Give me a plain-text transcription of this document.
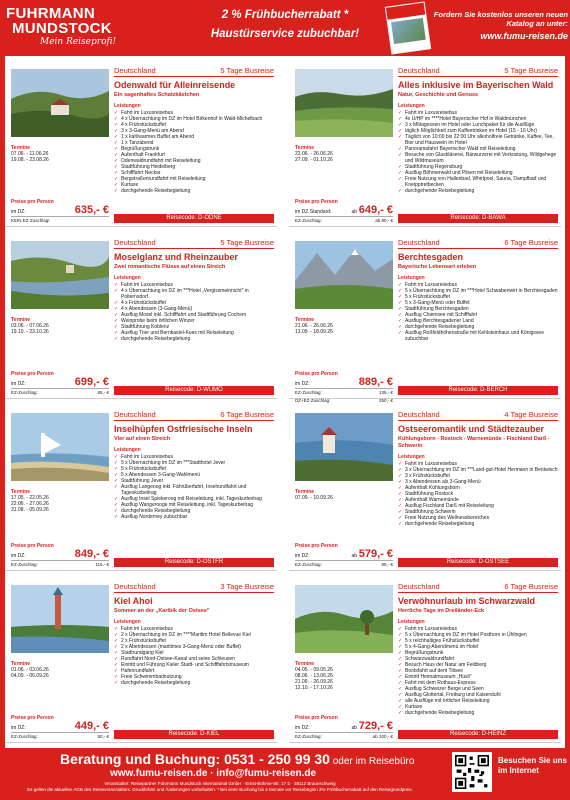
FUHRMANN
MUNDSTOCK
Mein Reiseprofi!
2 % Frühbucherrabatt *
Haustürservice zubuchbar!
Fordern Sie kostenlos unseren neuen Katalog an unter:
www.fumu-reisen.de
Deutschland	5 Tage Busreise
Odenwald für Alleinreisende
Ein sagenhaftes Schatzkästchen
Leistungen
✓ Fahrt im Luxusreisebus
✓ 4 x Übernachtung im DZ im Hotel Birkenhof in Wald-Michelbach
✓ 4 x Frühstücksbuffet
✓ 3 x 3-Gang-Menü am Abend
✓ 1 x kalt/warmes Buffet am Abend
✓ 1 x Tanzabend
✓ Begrüßungstrunk
✓ Aufenthalt Frankfurt
✓ Odenwaldrundfahrt mit Reiseleitung
✓ Stadtführung Heidelberg
✓ Schifffahrt Neckar
✓ Bergstraßenrundfahrt mit Reiseleitung
✓ Kurtaxe
✓ durchgehende Reisebegleitung
Termine
07.06. - 11.06.26
19.08. - 23.08.26
Preise pro Person
im DZ:	635,- €
KEIN EZ-Zuschlag!	Reisecode: D-ODNE
Deutschland	5 Tage Busreise
Alles inklusive im Bayerischen Wald
Natur, Geschichte und Genuss
Leistungen
✓ Fahrt im Luxusreisebus
✓ 4x Ü/HP im ****Hotel Bayerischer Hof in Waldmünchen
✓ 3 x Mittagessen im Hotel oder Lunchpaket für die Ausflüge
✓ täglich Möglichkeit zum Kaffeetrinken im Hotel (15 - 16 Uhr)
✓ Täglich von 10:00 bis 22:00 Uhr alkoholfreie Getränke, Kaffee, Tee, Bier und Hauswein im Hotel
✓ Panoramafahrt Bayerischer Wald mit Reiseleitung
✓ Besuche von Glasbläserei, Bärwurzerei mit Verkostung, Wildgehege und Wildmuseum
✓ Stadtführung Regensburg
✓ Ausflug Böhmerwald und Pilsen mit Reiseleitung
✓ Freie Nutzung von Hallenbad, Whirlpool, Sauna, Dampfbad und Kneipptretbecken
✓ durchgehende Reisebegleitung
Termine
22.06. - 26.06.26
27.09. - 01.10.26
Preise pro Person
im DZ Standard:	ab 649,- €
EZ-Zuschlag:	ab 80,- €	Reisecode: D-BAWA
Deutschland	5 Tage Busreise
Moselglanz und Rheinzauber
Zwei romantische Flüsse auf einen Streich
Leistungen
✓ Fahrt im Luxusreisebus
✓ 4 x Übernachtung im DZ im ***Hotel „Vergissmeinnicht" in Polternsdorf
✓ 4 x Frühstücksbuffet
✓ 4 x Abendessen (3-Gang-Menü)
✓ Ausflug Mosel inkl. Schifffahrt und Stadtführung Cochem
✓ Weinprobe beim örtlichen Winzer
✓ Stadtführung Koblenz
✓ Ausflug Trier und Bernkastel-Kues mit Reiseleitung
✓ durchgehende Reisebegleitung
Termine
03.06. - 07.06.26
19.10. - 23.10.26
Preise pro Person
im DZ:	699,- €
EZ-Zuschlag:	85,- €	Reisecode: D-WUMO
Deutschland	6 Tage Busreise
Berchtesgaden
Bayerische Lebensart erleben
Leistungen
✓ Fahrt im Luxusreisebus
✓ 5 x Übernachtung im DZ im ***Hotel Schwabenwirt in Berchtesgaden
✓ 5 x Frühstücksbuffet
✓ 5 x 3-Gang-Menü oder Buffet
✓ Stadtführung Berchtesgaden
✓ Ausflug Chiemsee mit Schifffahrt
✓ Ausflug Berchtesgadener Land
✓ durchgehende Reisebegleitung
✓ Ausflug Roßfeldhöhenstraße mit Kehlsteinhaus und Königssee zubuchbar
Termine
21.06. - 26.06.26
13.09. - 18.09.26
Preise pro Person
im DZ:	889,- €
EZ-Zuschlag:	135,- €
DZ+EZ-Zuschlag:	250,- €
Reisecode: D-BERCH
Deutschland	6 Tage Busreise
Inselhüpfen Ostfriesische Inseln
Vier auf einen Streich
Leistungen
✓ Fahrt im Luxusreisebus
✓ 5 x Übernachtung im DZ im ***Stadthotel Jever
✓ 5 x Frühstücksbuffet
✓ 5 x Abendessen 3-Gang-Wahlmenü
✓ Stadtführung Jever
✓ Ausflug Langeoog inkl. Fährüberfahrt, Inselrundfahrt und Tageskurbeitrag
✓ Ausflug Insel Spiekeroog mit Reiseleitung, inkl. Tageskurbeitrag
✓ Ausflug Wangerooge mit Reiseleitung, inkl. Tageskurbeitrag
✓ durchgehende Reisebegleitung
✓ Ausflug Norderney zubuchbar
Termine
17.05. - 22.05.26
22.06. - 27.06.26
31.08. - 05.09.26
Preise pro Person
im DZ:	849,- €
EZ-Zuschlag:	115,- €	Reisecode: D-OSTFR
Deutschland	4 Tage Busreise
Ostseeromantik und Städtezauber
Kühlungsborn - Rostock - Warnemünde - Fischland Darß - Schwerin
Leistungen
✓ Fahrt im Luxusreisebus
✓ 3 x Übernachtung im DZ im ***Land-gut-Hotel Hermann in Bentwisch
✓ 3 x Frühstücksbuffet
✓ 3 x Abendessen als 3-Gang-Menü
✓ Aufenthalt Kühlungsborn
✓ Stadtführung Rostock
✓ Aufenthalt Warnemünde
✓ Ausflug Fischland Darß mit Reiseleitung
✓ Stadtführung Schwerin
✓ Freie Nutzung des Wellnessbereiches
✓ durchgehende Reisebegleitung
Termine
07.09. - 10.09.26
Preise pro Person
im DZ:	ab 579,- €
EZ-Zuschlag:	85,- €	Reisecode: D-OSTSEE
Deutschland	3 Tage Busreise
Kiel Ahoi
Sommer an der „Karibik der Ostsee"
Leistungen
✓ Fahrt im Luxusreisebus
✓ 2 x Übernachtung im DZ im ****Maritim Hotel Bellevue Kiel
✓ 2 x Frühstücksbuffet
✓ 2 x Abendessen (maritimes 3-Gang-Menü oder Buffet)
✓ Stadtrundgang Kiel
✓ Rundfahrt Nord-Ostsee-Kanal und seine Schleusen
✓ Eintritt und Führung Kieler Stadt- und Schifffahrtsmuseum
✓ Hafenrundfahrt
✓ Freie Schwimmbadnutzung
✓ durchgehende Reisebegleitung
Termine
01.06. - 03.06.26
04.09. - 06.09.26
Preise pro Person
im DZ:	449,- €
EZ-Zuschlag:	50,- €	Reisecode: D-KIEL
Deutschland	6 Tage Busreise
Verwöhnurlaub im Schwarzwald
Herrliche Tage im Dreiländer-Eck
Leistungen
✓ Fahrt im Luxusreisebus
✓ 5 x Übernachtung im DZ im Hotel Posthorn in Ühlingen
✓ 5 x reichhaltiges Frühstücksbuffet
✓ 5 x 4-Gang-Abendmenü im Hotel
✓ Begrüßungstrunk
✓ Schwarzwaldrundfahrt
✓ Besuch Haus der Natur am Feldberg
✓ Bootsfahrt auf dem Titisee
✓ Eintritt Heimatmuseum „Hüsli"
✓ Fahrt mit dem Rothaus-Express
✓ Ausflug Schweizer Berge und Seen
✓ Ausflug Glottertal, Freiburg und Kaiserstuhl
✓ alle Ausflüge mit örtlicher Reiseleitung
✓ Kurtaxe
✓ durchgehende Reisebegleitung
Termine
04.05. - 09.05.26
08.06. - 13.06.26
21.09. - 26.09.26
12.10. - 17.10.26
Preise pro Person
im DZ:	ab 729,- €
EZ-Zuschlag:	ab 100,- €	Reisecode: D-HEINZ
Beratung und Buchung: 0531 - 250 99 30 oder im Reisebüro
www.fumu-reisen.de · info@fumu-reisen.de
Veranstalter: Reisepartner Fuhrmann Mundstock international GmbH · Ernst-Böhme-Str. 17 b · 38112 Braunschweig
Es gelten die aktuellen AGB des Reiseveranstalters. Druckfehler und Änderungen vorbehalten. * Bei einer Buchung bis 4 Monate vor Reisebeginn 2% Frühbucherrabatt auf den Reisegrundpreis.
Besuchen Sie uns im Internet
